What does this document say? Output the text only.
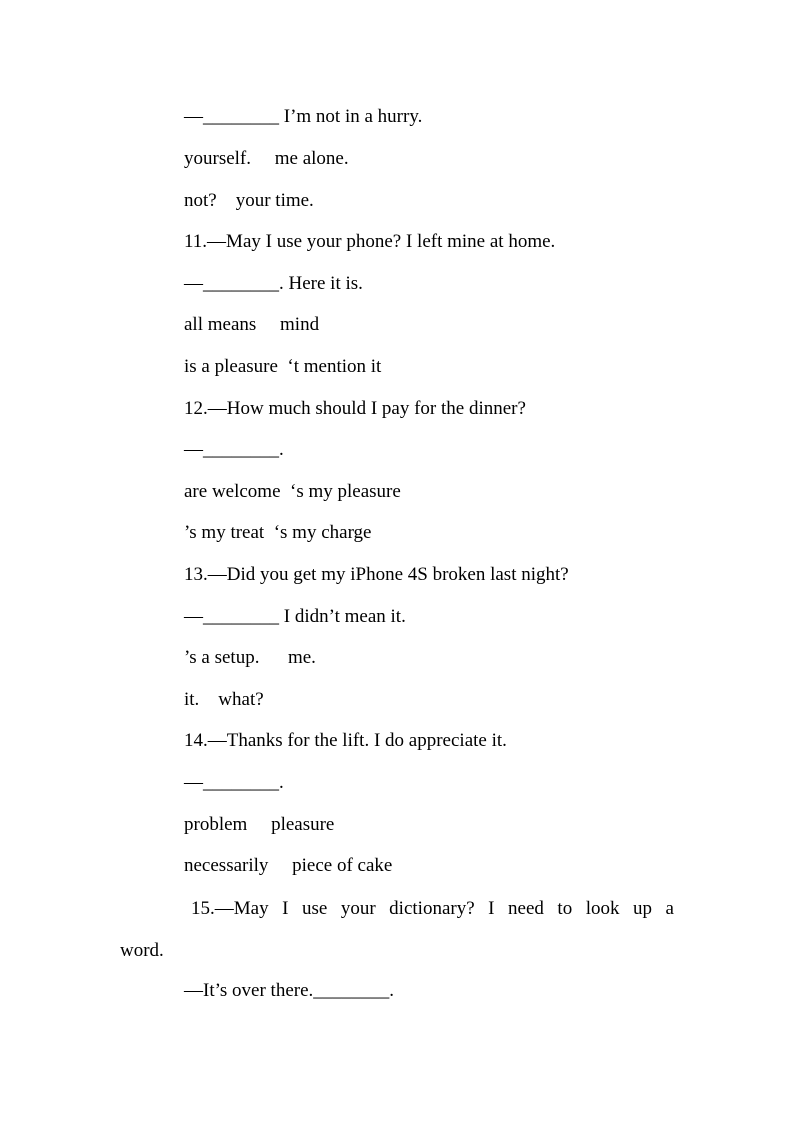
—________ I’m not in a hurry.
yourself.     me alone.
not?    your time.
11.—May I use your phone? I left mine at home.
—________. Here it is.
all means     mind
is a pleasure  ‘t mention it
12.—How much should I pay for the dinner?
—________.
are welcome  ‘s my pleasure
’s my treat  ‘s my charge
13.—Did you get my iPhone 4S broken last night?
—________ I didn’t mean it.
’s a setup.      me.
it.    what?
14.—Thanks for the lift. I do appreciate it.
—________.
problem     pleasure
necessarily     piece of cake
15.—May I use your dictionary? I need to look up a word.
—It’s over there.________.
